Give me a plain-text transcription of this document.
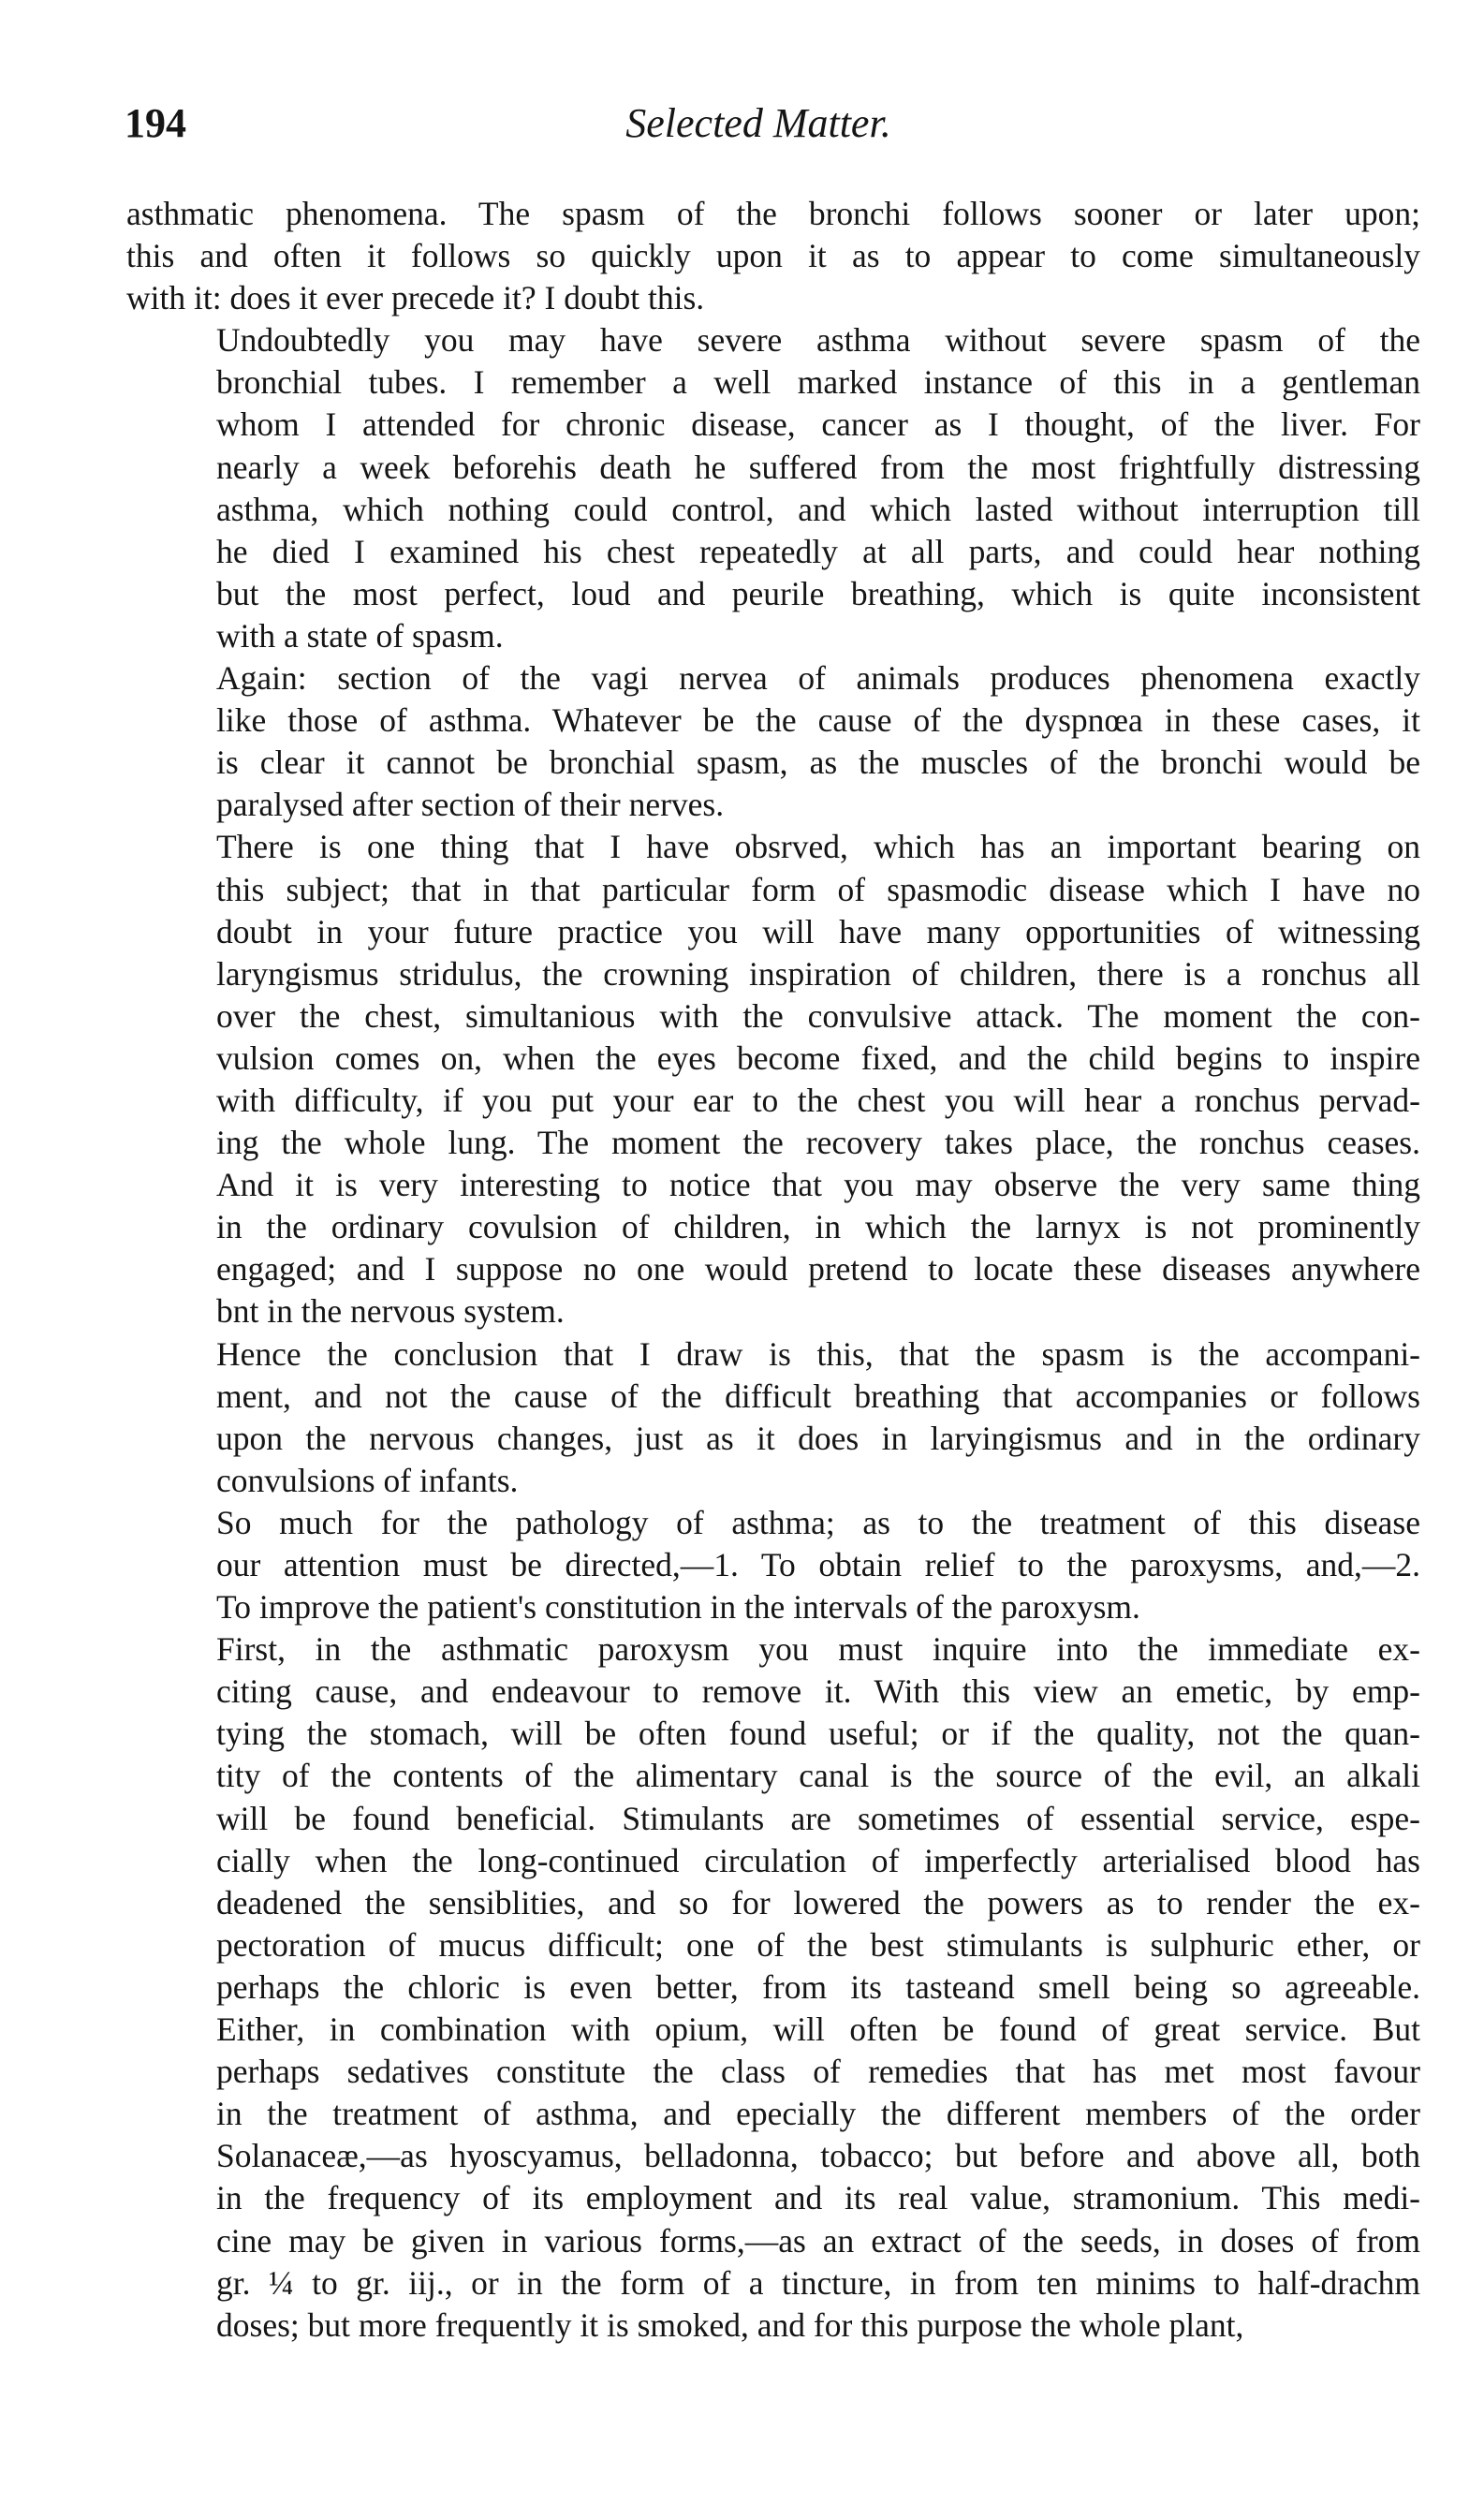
194	Selected Matter.

asthmatic phenomena. The spasm of the bronchi follows sooner or later upon;
this and often it follows so quickly upon it as to appear to come simultaneously
with it: does it ever precede it? I doubt this.

Undoubtedly you may have severe asthma without severe spasm of the
bronchial tubes. I remember a well marked instance of this in a gentleman
whom I attended for chronic disease, cancer as I thought, of the liver. For
nearly a week beforehis death he suffered from the most frightfully distressing
asthma, which nothing could control, and which lasted without interruption till
he died I examined his chest repeatedly at all parts, and could hear nothing
but the most perfect, loud and peurile breathing, which is quite inconsistent
with a state of spasm.

Again: section of the vagi nervea of animals produces phenomena exactly
like those of asthma. Whatever be the cause of the dyspnœa in these cases, it
is clear it cannot be bronchial spasm, as the muscles of the bronchi would be
paralysed after section of their nerves.

There is one thing that I have obsrved, which has an important bearing on
this subject; that in that particular form of spasmodic disease which I have no
doubt in your future practice you will have many opportunities of witnessing
laryngismus stridulus, the crowning inspiration of children, there is a ronchus all
over the chest, simultanious with the convulsive attack. The moment the con-
vulsion comes on, when the eyes become fixed, and the child begins to inspire
with difficulty, if you put your ear to the chest you will hear a ronchus pervad-
ing the whole lung. The moment the recovery takes place, the ronchus ceases.
And it is very interesting to notice that you may observe the very same thing
in the ordinary covulsion of children, in which the larnyx is not prominently
engaged; and I suppose no one would pretend to locate these diseases anywhere
bnt in the nervous system.

Hence the conclusion that I draw is this, that the spasm is the accompani-
ment, and not the cause of the difficult breathing that accompanies or follows
upon the nervous changes, just as it does in laryingismus and in the ordinary
convulsions of infants.

So much for the pathology of asthma; as to the treatment of this disease
our attention must be directed,—1. To obtain relief to the paroxysms, and,—2.
To improve the patient's constitution in the intervals of the paroxysm.

First, in the asthmatic paroxysm you must inquire into the immediate ex-
citing cause, and endeavour to remove it. With this view an emetic, by emp-
tying the stomach, will be often found useful; or if the quality, not the quan-
tity of the contents of the alimentary canal is the source of the evil, an alkali
will be found beneficial. Stimulants are sometimes of essential service, espe-
cially when the long-continued circulation of imperfectly arterialised blood has
deadened the sensiblities, and so for lowered the powers as to render the ex-
pectoration of mucus difficult; one of the best stimulants is sulphuric ether, or
perhaps the chloric is even better, from its tasteand smell being so agreeable.
Either, in combination with opium, will often be found of great service. But
perhaps sedatives constitute the class of remedies that has met most favour
in the treatment of asthma, and epecially the different members of the order
Solanaceæ,—as hyoscyamus, belladonna, tobacco; but before and above all, both
in the frequency of its employment and its real value, stramonium. This medi-
cine may be given in various forms,—as an extract of the seeds, in doses of from
gr. ¼ to gr. iij., or in the form of a tincture, in from ten minims to half-drachm
doses; but more frequently it is smoked, and for this purpose the whole plant,
